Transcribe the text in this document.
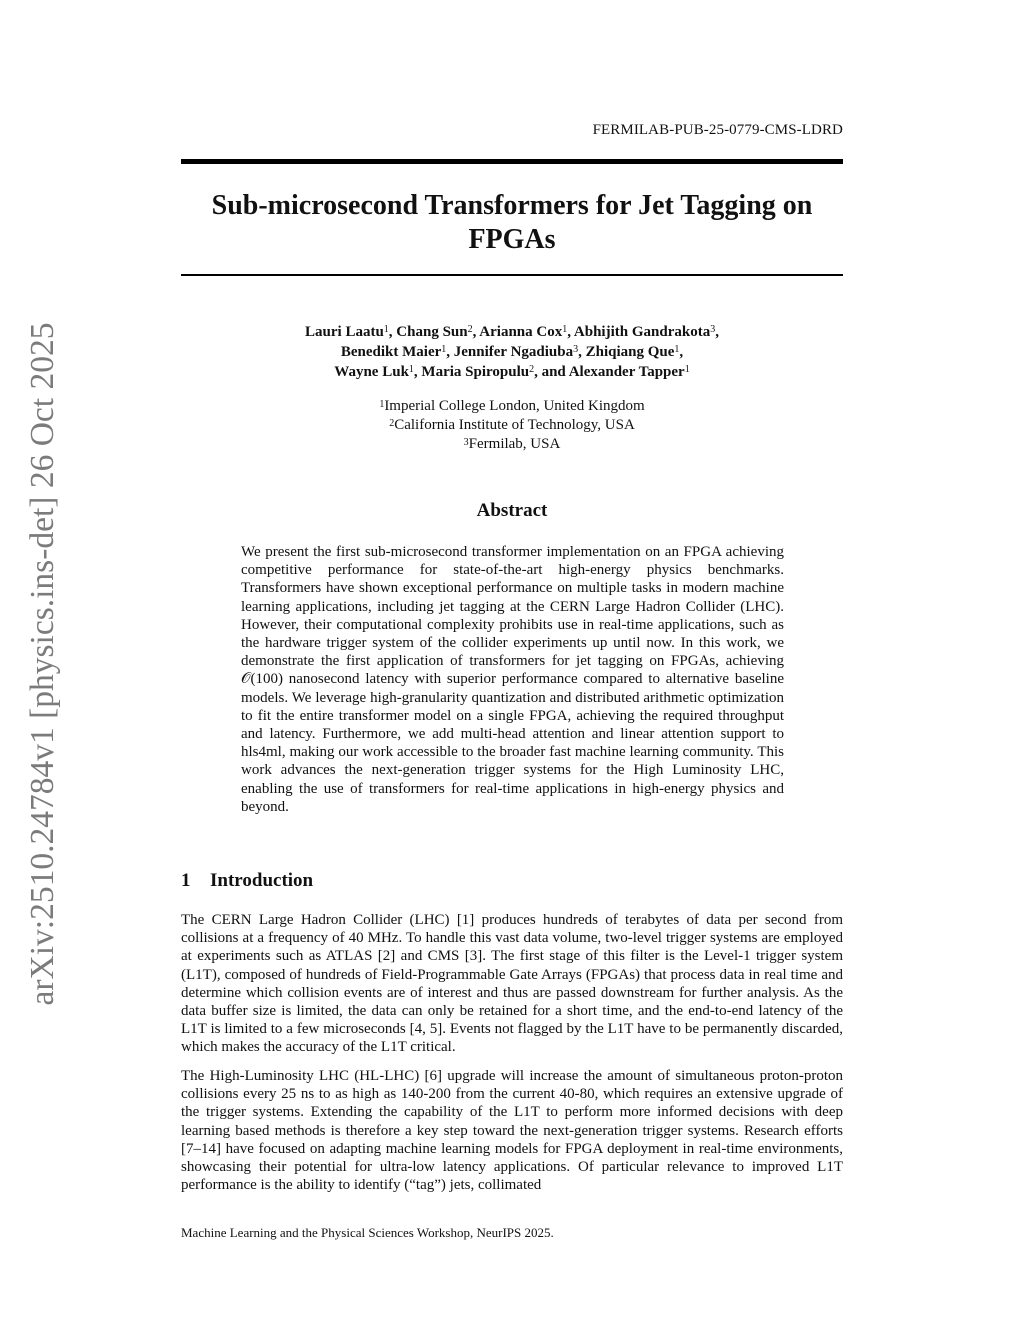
FERMILAB-PUB-25-0779-CMS-LDRD
Sub-microsecond Transformers for Jet Tagging on
FPGAs
Lauri Laatu$^1$, Chang Sun$^2$, Arianna Cox$^1$, Abhijith Gandrakota$^3$,
Benedikt Maier$^1$, Jennifer Ngadiuba$^3$, Zhiqiang Que$^1$,
Wayne Luk$^1$, Maria Spiropulu$^2$, and Alexander Tapper$^1$
$^1$Imperial College London, United Kingdom
$^2$California Institute of Technology, USA
$^3$Fermilab, USA
Abstract
We present the first sub-microsecond transformer implementation on an FPGA achieving competitive performance for state-of-the-art high-energy physics benchmarks. Transformers have shown exceptional performance on multiple tasks in modern machine learning applications, including jet tagging at the CERN Large Hadron Collider (LHC). However, their computational complexity prohibits use in real-time applications, such as the hardware trigger system of the collider experiments up until now. In this work, we demonstrate the first application of transformers for jet tagging on FPGAs, achieving 𝒪(100) nanosecond latency with superior performance compared to alternative baseline models. We leverage high-granularity quantization and distributed arithmetic optimization to fit the entire transformer model on a single FPGA, achieving the required throughput and latency. Furthermore, we add multi-head attention and linear attention support to hls4ml, making our work accessible to the broader fast machine learning community. This work advances the next-generation trigger systems for the High Luminosity LHC, enabling the use of transformers for real-time applications in high-energy physics and beyond.
1 Introduction
The CERN Large Hadron Collider (LHC) [1] produces hundreds of terabytes of data per second from collisions at a frequency of 40 MHz. To handle this vast data volume, two-level trigger systems are employed at experiments such as ATLAS [2] and CMS [3]. The first stage of this filter is the Level-1 trigger system (L1T), composed of hundreds of Field-Programmable Gate Arrays (FPGAs) that process data in real time and determine which collision events are of interest and thus are passed downstream for further analysis. As the data buffer size is limited, the data can only be retained for a short time, and the end-to-end latency of the L1T is limited to a few microseconds [4, 5]. Events not flagged by the L1T have to be permanently discarded, which makes the accuracy of the L1T critical.
The High-Luminosity LHC (HL-LHC) [6] upgrade will increase the amount of simultaneous proton-proton collisions every 25 ns to as high as 140-200 from the current 40-80, which requires an extensive upgrade of the trigger systems. Extending the capability of the L1T to perform more informed decisions with deep learning based methods is therefore a key step toward the next-generation trigger systems. Research efforts [7–14] have focused on adapting machine learning models for FPGA deployment in real-time environments, showcasing their potential for ultra-low latency applications. Of particular relevance to improved L1T performance is the ability to identify (“tag”) jets, collimated
Machine Learning and the Physical Sciences Workshop, NeurIPS 2025.
arXiv:2510.24784v1 [physics.ins-det] 26 Oct 2025
